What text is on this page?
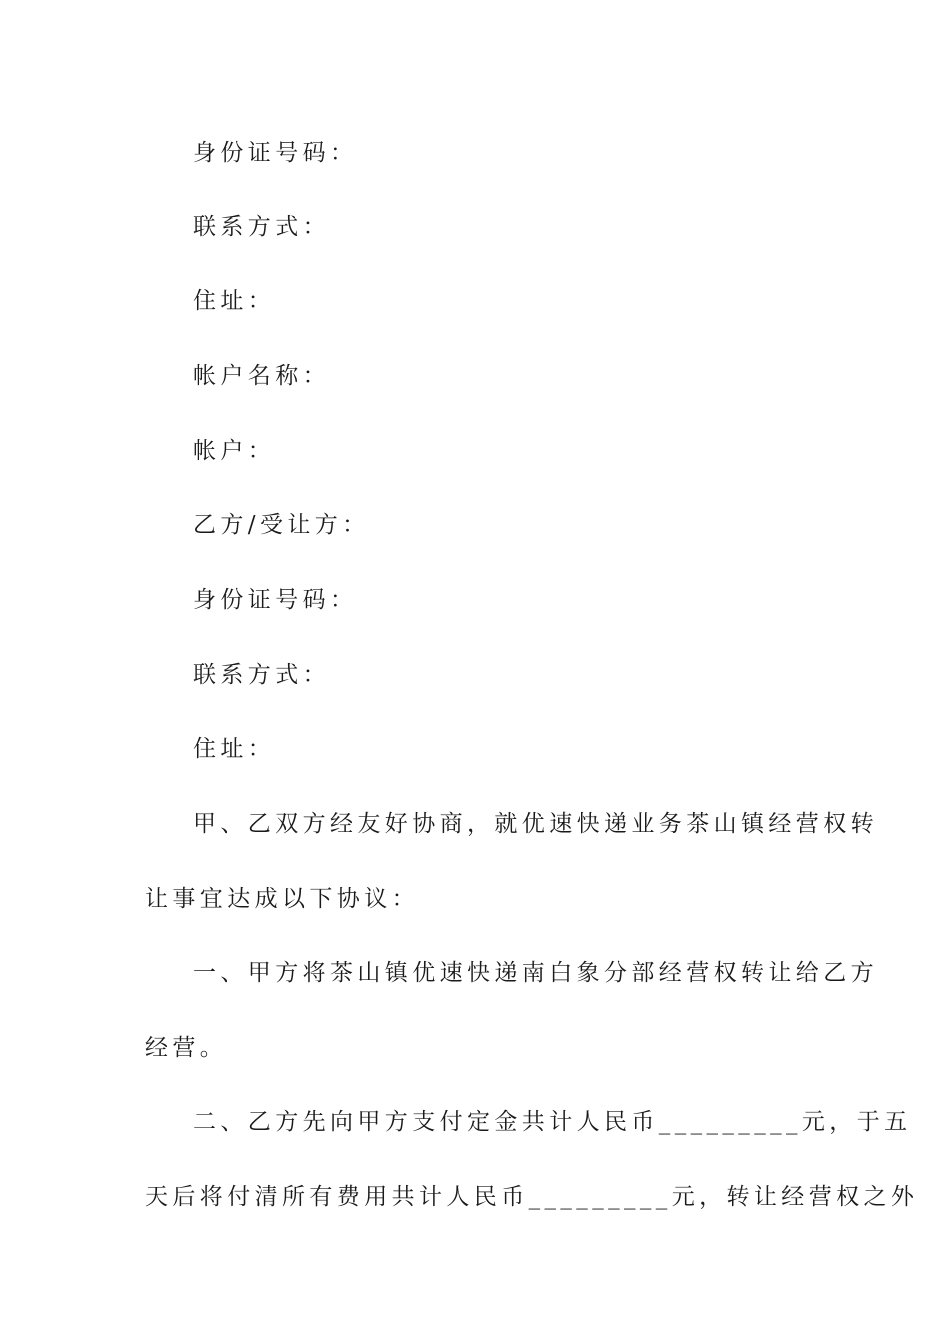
身份证号码：
联系方式：
住址：
帐户名称：
帐户：
乙方/受让方：
身份证号码：
联系方式：
住址：
甲、乙双方经友好协商，就优速快递业务茶山镇经营权转
让事宜达成以下协议：
一、甲方将茶山镇优速快递南白象分部经营权转让给乙方
经营。
二、乙方先向甲方支付定金共计人民币_________元，于五
天后将付清所有费用共计人民币_________元，转让经营权之外
